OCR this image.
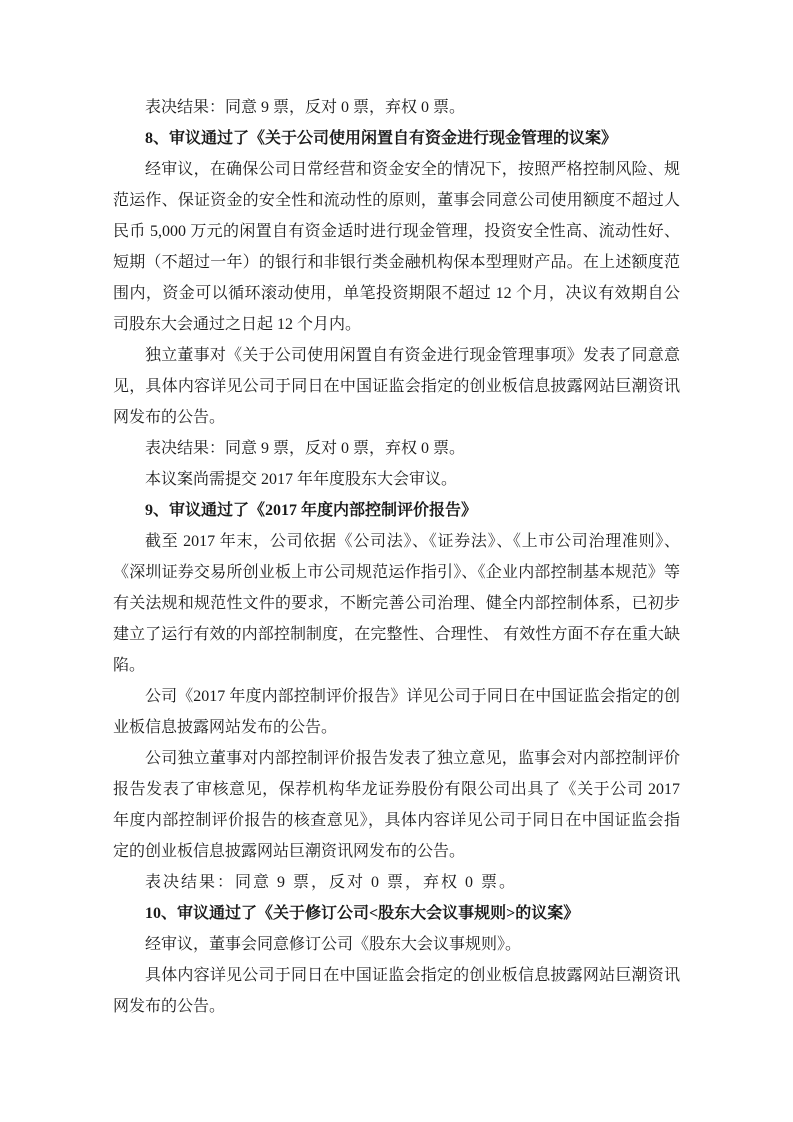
表决结果：同意 9 票，反对 0 票，弃权 0 票。

8、审议通过了《关于公司使用闲置自有资金进行现金管理的议案》

经审议，在确保公司日常经营和资金安全的情况下，按照严格控制风险、规范运作、保证资金的安全性和流动性的原则，董事会同意公司使用额度不超过人民币 5,000 万元的闲置自有资金适时进行现金管理，投资安全性高、流动性好、短期（不超过一年）的银行和非银行类金融机构保本型理财产品。在上述额度范围内，资金可以循环滚动使用，单笔投资期限不超过 12 个月，决议有效期自公司股东大会通过之日起 12 个月内。

独立董事对《关于公司使用闲置自有资金进行现金管理事项》发表了同意意见，具体内容详见公司于同日在中国证监会指定的创业板信息披露网站巨潮资讯网发布的公告。

表决结果：同意 9 票，反对 0 票，弃权 0 票。

本议案尚需提交 2017 年年度股东大会审议。

9、审议通过了《2017 年度内部控制评价报告》

截至 2017 年末，公司依据《公司法》、《证券法》、《上市公司治理准则》、《深圳证券交易所创业板上市公司规范运作指引》、《企业内部控制基本规范》等有关法规和规范性文件的要求，不断完善公司治理、健全内部控制体系，已初步建立了运行有效的内部控制制度，在完整性、合理性、 有效性方面不存在重大缺陷。

公司《2017 年度内部控制评价报告》详见公司于同日在中国证监会指定的创业板信息披露网站发布的公告。

公司独立董事对内部控制评价报告发表了独立意见，监事会对内部控制评价报告发表了审核意见，保荐机构华龙证券股份有限公司出具了《关于公司 2017 年度内部控制评价报告的核查意见》，具体内容详见公司于同日在中国证监会指定的创业板信息披露网站巨潮资讯网发布的公告。

表决结果：同意 9 票，反对 0 票，弃权 0 票。

10、审议通过了《关于修订公司<股东大会议事规则>的议案》

经审议，董事会同意修订公司《股东大会议事规则》。

具体内容详见公司于同日在中国证监会指定的创业板信息披露网站巨潮资讯网发布的公告。
